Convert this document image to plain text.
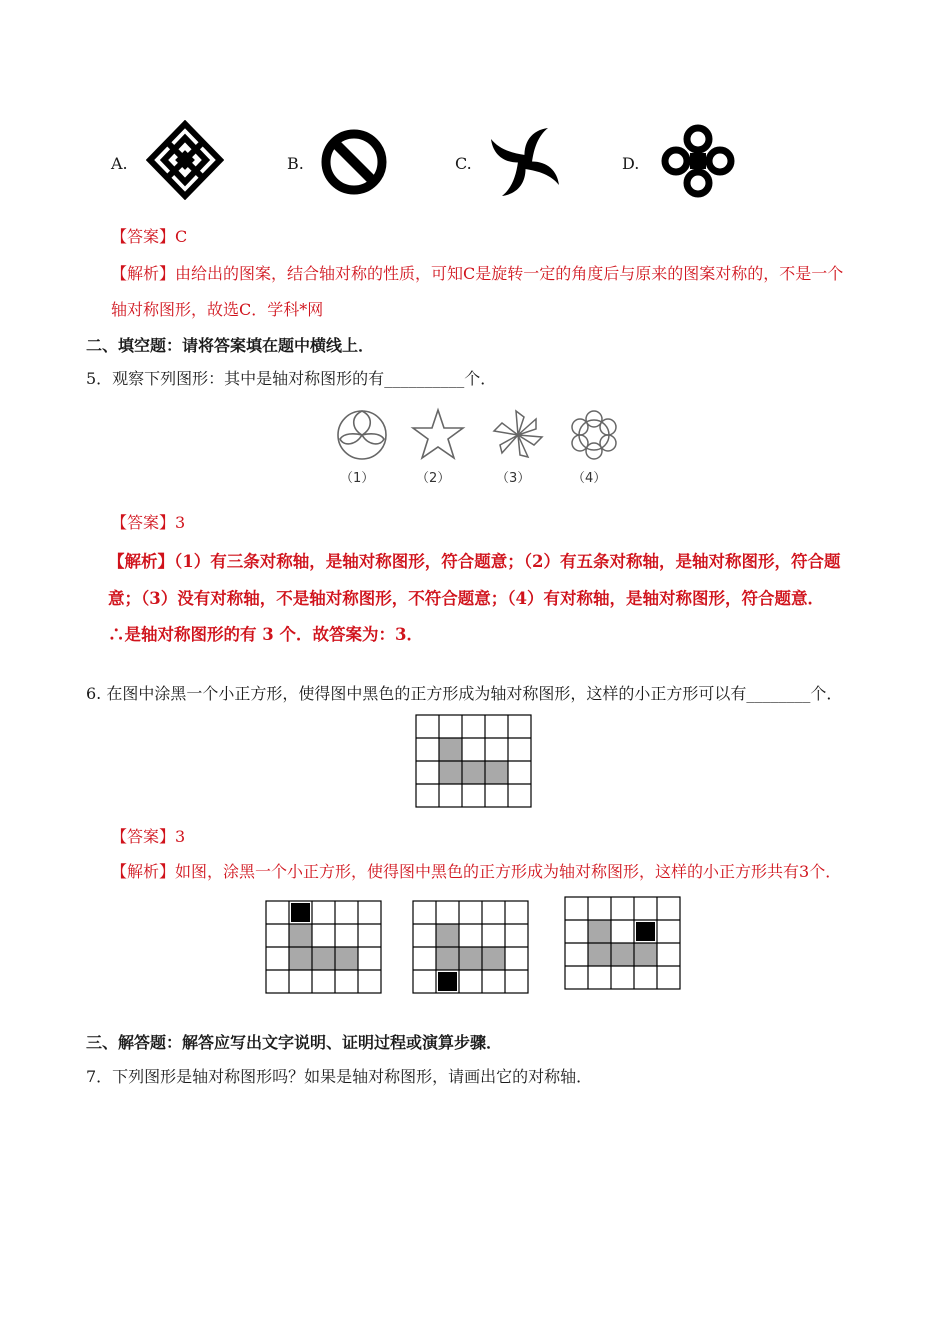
A.	B.	C.	D.
【答案】C
【解析】由给出的图案，结合轴对称的性质，可知C是旋转一定的角度后与原来的图案对称的，不是一个
轴对称图形，故选C．学科*网
二、填空题：请将答案填在题中横线上．
5．观察下列图形：其中是轴对称图形的有__________个．
（1）	（2）	（3）	（4）
【答案】3
【解析】（1）有三条对称轴，是轴对称图形，符合题意；（2）有五条对称轴，是轴对称图形，符合题
意；（3）没有对称轴，不是轴对称图形，不符合题意；（4）有对称轴，是轴对称图形，符合题意．
∴是轴对称图形的有 3 个．故答案为：3．
6. 在图中涂黑一个小正方形，使得图中黑色的正方形成为轴对称图形，这样的小正方形可以有________个．
【答案】3
【解析】如图，涂黑一个小正方形，使得图中黑色的正方形成为轴对称图形，这样的小正方形共有3个．
三、解答题：解答应写出文字说明、证明过程或演算步骤．
7．下列图形是轴对称图形吗？如果是轴对称图形，请画出它的对称轴．
